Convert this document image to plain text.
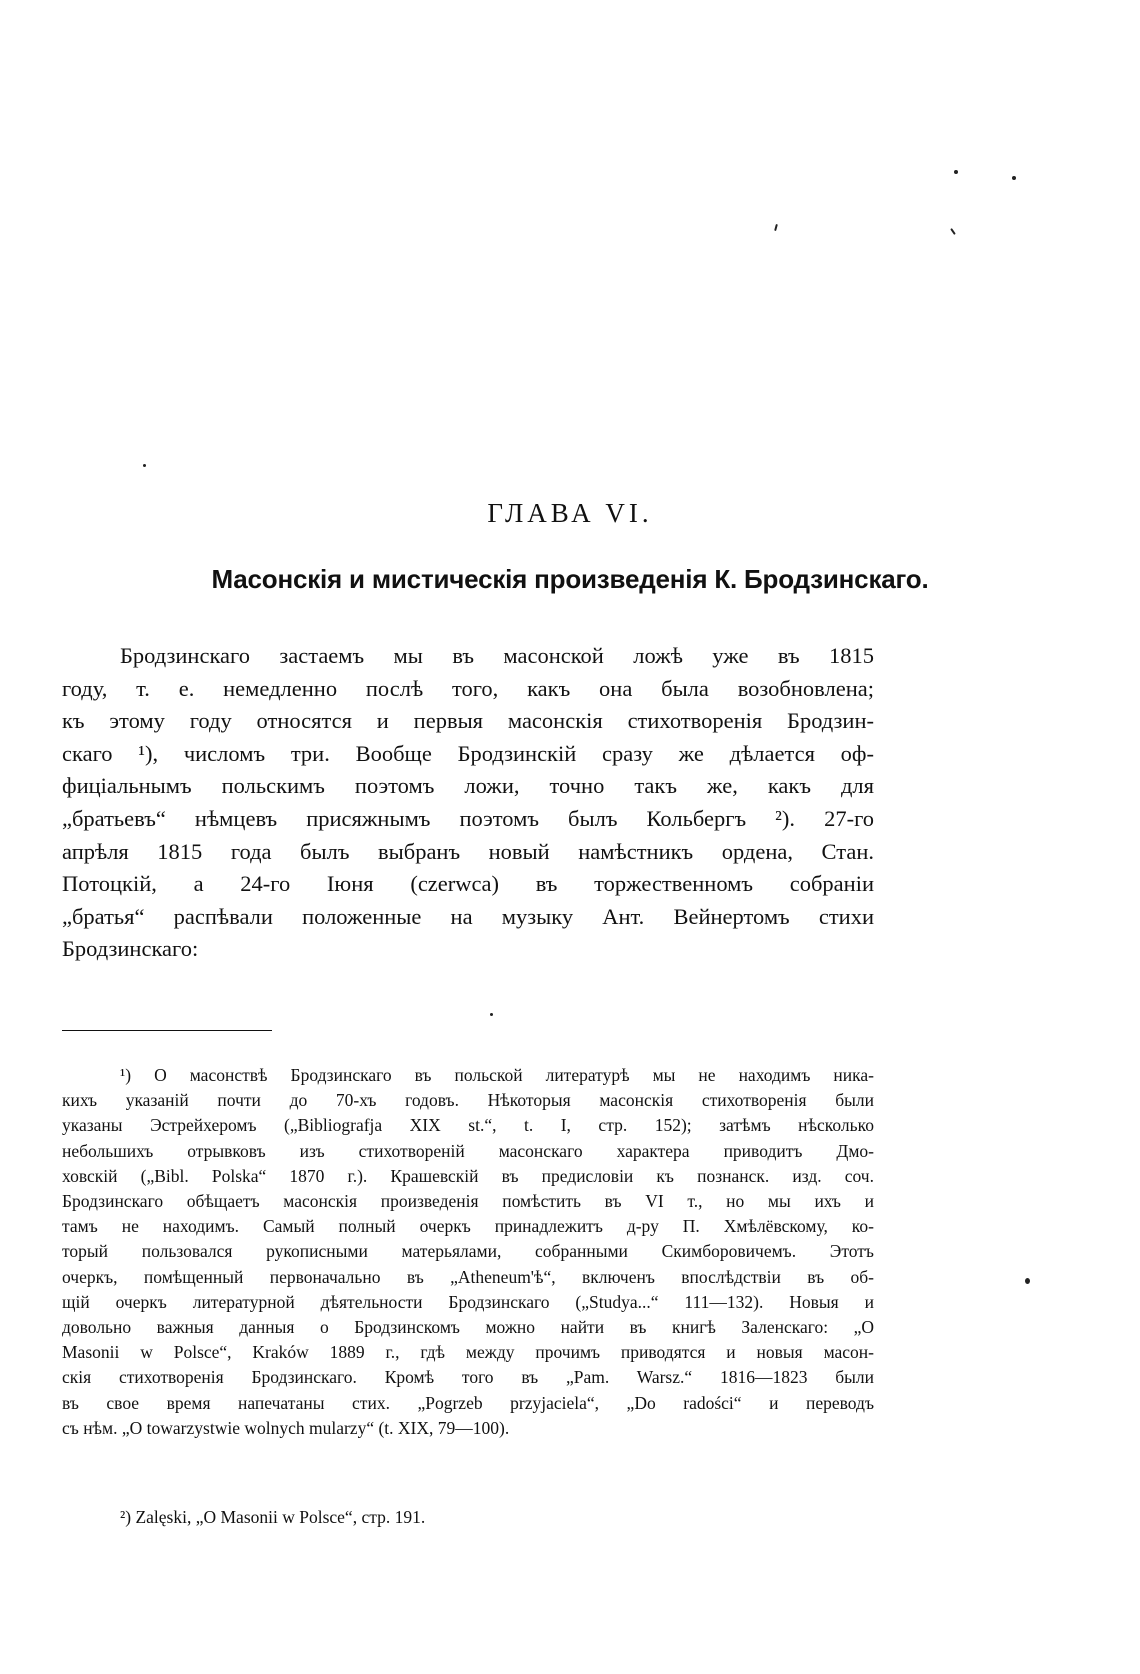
ГЛАВА VI.
Масонскія и мистическія произведенія К. Бродзинскаго.
Бродзинскаго застаемъ мы въ масонской ложѣ уже въ 1815
году, т. е. немедленно послѣ того, какъ она была возобновлена;
къ этому году относятся и первыя масонскія стихотворенія Бродзин-
скаго ¹), числомъ три. Вообще Бродзинскій сразу же дѣлается оф-
фиціальнымъ польскимъ поэтомъ ложи, точно такъ же, какъ для
„братьевъ“ нѣмцевъ присяжнымъ поэтомъ былъ Кольбергъ ²). 27-го
апрѣля 1815 года былъ выбранъ новый намѣстникъ ордена, Стан.
Потоцкій, а 24-го Іюня (czerwca) въ торжественномъ собраніи
„братья“ распѣвали положенные на музыку Ант. Вейнертомъ стихи
Бродзинскаго:
¹) О масонствѣ Бродзинскаго въ польской литературѣ мы не находимъ ника-
кихъ указаній почти до 70-хъ годовъ. Нѣкоторыя масонскія стихотворенія были
указаны Эстрейхеромъ („Bibliografja XIX st.“, t. I, стр. 152); затѣмъ нѣсколько
небольшихъ отрывковъ изъ стихотвореній масонскаго характера приводитъ Дмо-
ховскій („Bibl. Polska“ 1870 г.). Крашевскій въ предисловіи къ познанск. изд. соч.
Бродзинскаго обѣщаетъ масонскія произведенія помѣстить въ VI т., но мы ихъ и
тамъ не находимъ. Самый полный очеркъ принадлежитъ д-ру П. Хмѣлёвскому, ко-
торый пользовался рукописными матерьялами, собранными Скимборовичемъ. Этотъ
очеркъ, помѣщенный первоначально въ „Atheneum'ѣ“, включенъ впослѣдствіи въ об-
щій очеркъ литературной дѣятельности Бродзинскаго („Studya...“ 111—132). Новыя и
довольно важныя данныя о Бродзинскомъ можно найти въ книгѣ Заленскаго: „О
Masonii w Polsce“, Kraków 1889 г., гдѣ между прочимъ приводятся и новыя масон-
скія стихотворенія Бродзинскаго. Кромѣ того въ „Pam. Warsz.“ 1816—1823 были
въ свое время напечатаны стих. „Pogrzeb przyjaciela“, „Do radości“ и переводъ
съ нѣм. „O towarzystwie wolnych mularzy“ (t. XIX, 79—100).
²) Zalęski, „O Masonii w Polsce“, стр. 191.
